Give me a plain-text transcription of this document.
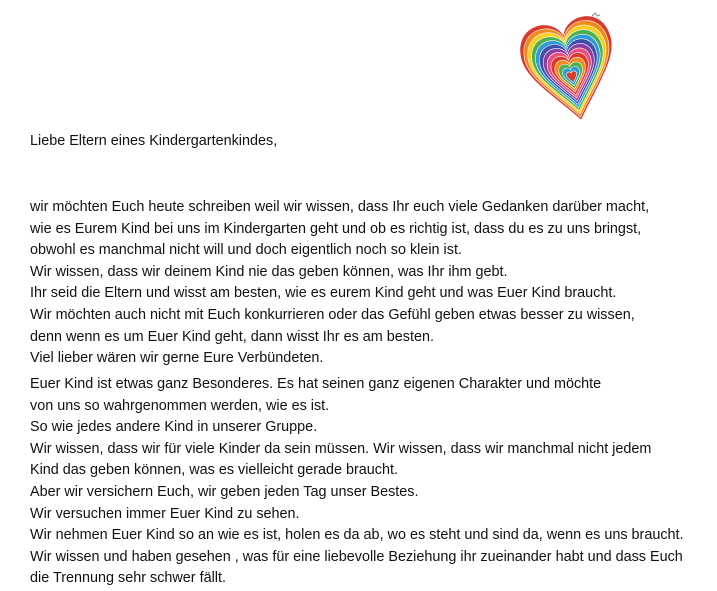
Liebe Eltern eines Kindergartenkindes,
wir möchten Euch heute schreiben weil wir wissen, dass Ihr euch viele Gedanken darüber macht,
wie es Eurem Kind bei uns im Kindergarten geht und ob es richtig ist, dass du es zu uns bringst,
obwohl es manchmal nicht will und doch eigentlich noch so klein ist.
Wir wissen, dass wir deinem Kind nie das geben können, was Ihr ihm gebt.
Ihr seid die Eltern und wisst am besten, wie es eurem Kind geht und was Euer Kind braucht.
Wir möchten auch nicht mit Euch konkurrieren oder das Gefühl geben etwas besser zu wissen,
denn wenn es um Euer Kind geht, dann wisst Ihr es am besten.
Viel lieber wären wir gerne Eure Verbündeten.
Euer Kind ist etwas ganz Besonderes. Es hat seinen ganz eigenen Charakter und möchte
von uns so wahrgenommen werden, wie es ist.
So wie jedes andere Kind in unserer Gruppe.
Wir wissen, dass wir für viele Kinder da sein müssen. Wir wissen, dass wir manchmal nicht jedem
Kind das geben können, was es vielleicht gerade braucht.
Aber wir versichern Euch, wir geben jeden Tag unser Bestes.
Wir versuchen immer Euer Kind zu sehen.
Wir nehmen Euer Kind so an wie es ist, holen es da ab, wo es steht und sind da, wenn es uns braucht.
Wir wissen und haben gesehen , was für eine liebevolle Beziehung ihr zueinander habt und dass Euch
die Trennung sehr schwer fällt.
